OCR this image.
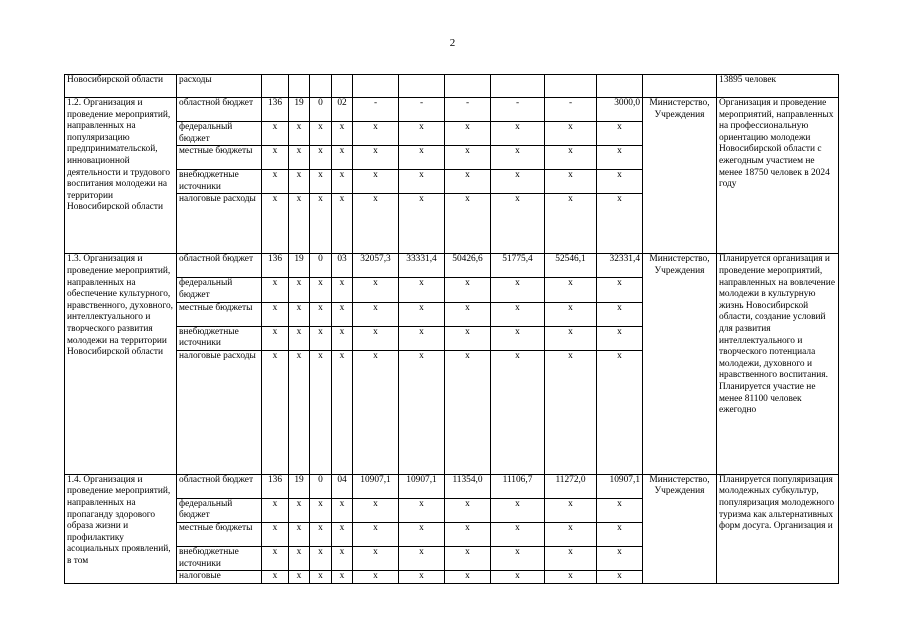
2
Новосибирской области	расходы												13895 человек
1.2. Организация и проведение мероприятий, направленных на популяризацию предпринимательской, инновационной деятельности и трудового воспитания молодежи на территории Новосибирской области	областной бюджет	136	19	0	02	-	-	-	-	-	3000,0	Министерство, Учреждения	Организация и проведение мероприятий, направленных на профессиональную ориентацию молодежи Новосибирской области с ежегодным участием не менее 18750 человек в 2024 году
	федеральный бюджет	x	x	x	x	x	x	x	x	x	x		
	местные бюджеты	x	x	x	x	x	x	x	x	x	x		
	внебюджетные источники	x	x	x	x	x	x	x	x	x	x		
	налоговые расходы	x	x	x	x	x	x	x	x	x	x		
1.3. Организация и проведение мероприятий, направленных на обеспечение культурного, нравственного, духовного, интеллектуального и творческого развития молодежи на территории Новосибирской области	областной бюджет	136	19	0	03	32057,3	33331,4	50426,6	51775,4	52546,1	32331,4	Министерство, Учреждения	Планируется организация и проведение мероприятий, направленных на вовлечение молодежи в культурную жизнь Новосибирской области, создание условий для развития интеллектуального и творческого потенциала молодежи, духовного и нравственного воспитания. Планируется участие не менее 81100 человек ежегодно
	федеральный бюджет	x	x	x	x	x	x	x	x	x	x		
	местные бюджеты	x	x	x	x	x	x	x	x	x	x		
	внебюджетные источники	x	x	x	x	x	x	x	x	x	x		
	налоговые расходы	x	x	x	x	x	x	x	x	x	x		
1.4. Организация и проведение мероприятий, направленных на пропаганду здорового образа жизни и профилактику асоциальных проявлений, в том	областной бюджет	136	19	0	04	10907,1	10907,1	11354,0	11106,7	11272,0	10907,1	Министерство, Учреждения	Планируется популяризация молодежных субкультур, популяризация молодежного туризма как альтернативных форм досуга. Организация и
	федеральный бюджет	x	x	x	x	x	x	x	x	x	x		
	местные бюджеты	x	x	x	x	x	x	x	x	x	x		
	внебюджетные источники	x	x	x	x	x	x	x	x	x	x		
	налоговые	x	x	x	x	x	x	x	x	x	x		
